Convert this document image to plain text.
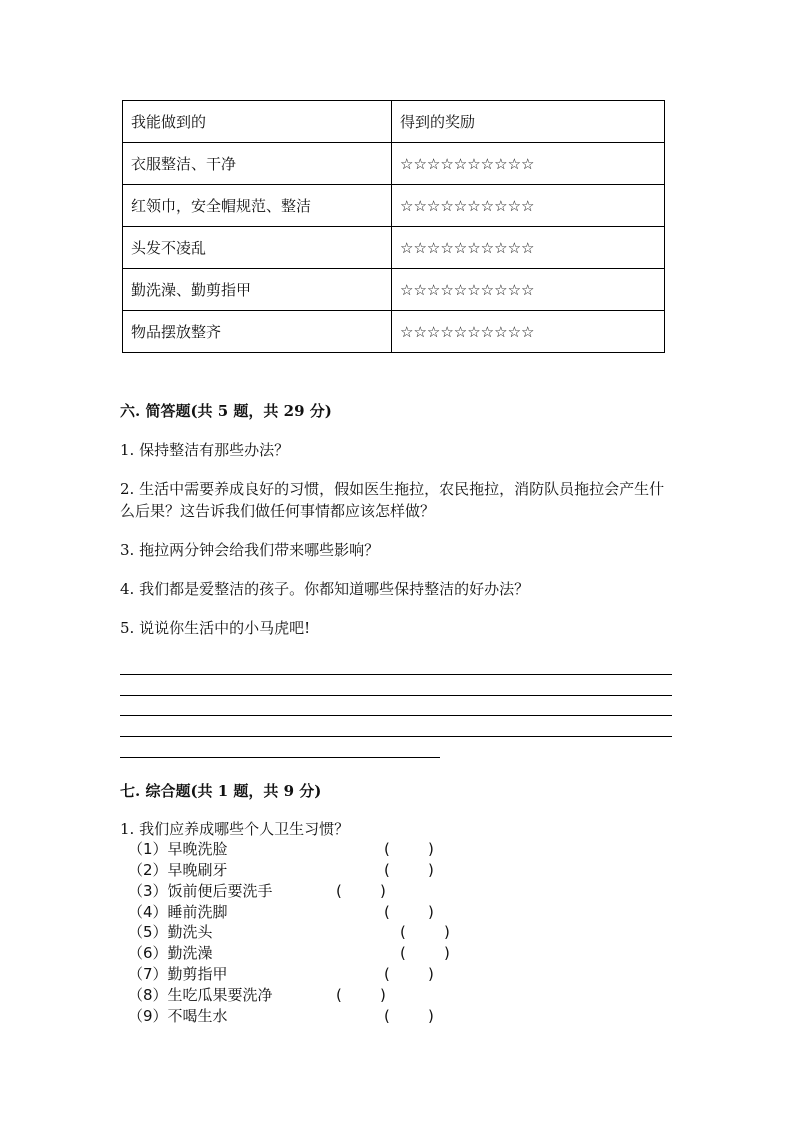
我能做到的	得到的奖励
衣服整洁、干净	☆☆☆☆☆☆☆☆☆☆
红领巾，安全帽规范、整洁	☆☆☆☆☆☆☆☆☆☆
头发不凌乱	☆☆☆☆☆☆☆☆☆☆
勤洗澡、勤剪指甲	☆☆☆☆☆☆☆☆☆☆
物品摆放整齐	☆☆☆☆☆☆☆☆☆☆
六. 简答题(共 5 题，共 29 分)
1. 保持整洁有那些办法？
2. 生活中需要养成良好的习惯，假如医生拖拉，农民拖拉，消防队员拖拉会产生什么后果？这告诉我们做任何事情都应该怎样做？
3. 拖拉两分钟会给我们带来哪些影响？
4. 我们都是爱整洁的孩子。你都知道哪些保持整洁的好办法？
5. 说说你生活中的小马虎吧!
七. 综合题(共 1 题，共 9 分)
1. 我们应养成哪些个人卫生习惯？
（1）早晚洗脸	(        )
（2）早晚刷牙	(        )
（3）饭前便后要洗手	(        )
（4）睡前洗脚	(        )
（5）勤洗头	(        )
（6）勤洗澡	(        )
（7）勤剪指甲	(        )
（8）生吃瓜果要洗净	(        )
（9）不喝生水	(        )
